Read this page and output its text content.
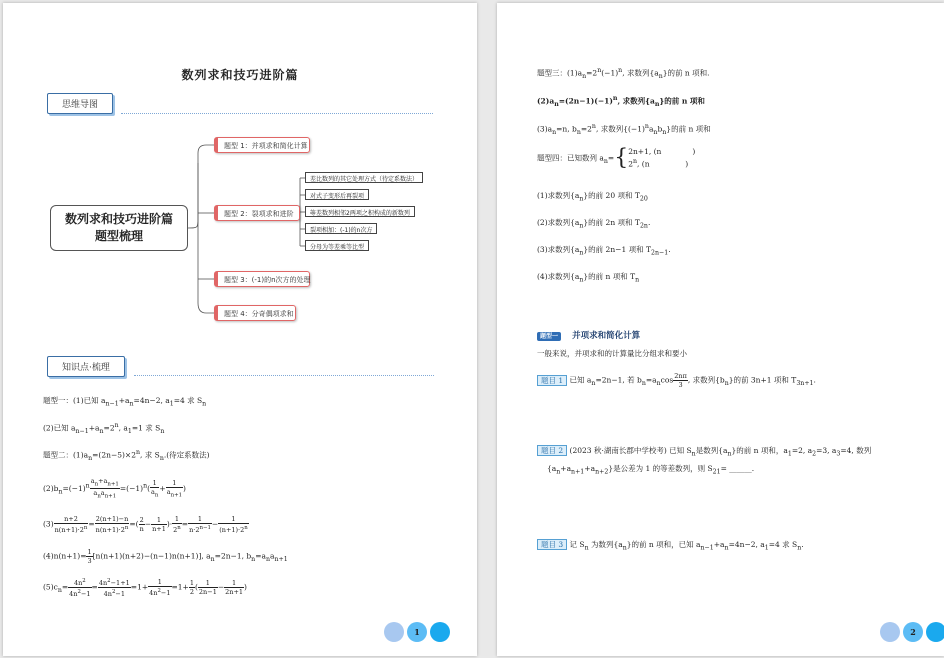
数列求和技巧进阶篇
思维导图
数列求和技巧进阶篇
题型梳理
题型 1：并项求和简化计算
题型 2：裂项求和进阶
题型 3：(-1)的n次方的处理
题型 4：分奇偶项求和
差比数列的其它处理方式（待定系数法）
对式子变形后再裂项
等差数列相邻2两项之积构成的新数列
裂项相加：(-1)的n次方
分母为等差乘等比型
知识点·梳理
题型一：(1)已知 $a_{n-1}+a_n=4n-2$, $a_1=4$ 求 $S_n$
(2)已知 $a_{n-1}+a_n=2^n$, $a_1=1$ 求 $S_n$
题型二：$(1)a_n=(2n-5)\times 2^n$, 求 $S_n$.(待定系数法)
$(2)b_n=(-1)^n \frac{a_n+a_{n+1}}{a_na_{n+1}} =(-1)^n( \frac{1}{a_n} + \frac{1}{a_{n+1}}$ )
$(3) \frac{n+2}{n(n+1)\cdot 2^n} = \frac{2(n+1)-n}{n(n+1)\cdot 2^n}$ =( $\frac{2}{n} - \frac{1}{n+1}$ )· $\frac{1}{2^n} = \frac{1}{n\cdot 2^{n-1}} - \frac{1}{(n+1)\cdot 2^n}$
$(4)n(n+1)= \frac{1}{3} [n(n+1)(n+2)-(n-1)n(n+1)]$, $a_n=2n-1$, $b_n=a_na_{n+1}$
$(5)c_n= \frac{4n^2}{4n^2-1} = \frac{4n^2-1+1}{4n^2-1} =1+ \frac{1}{4n^2-1} =1+ \frac{1}{2}$ ( $\frac{1}{2n-1} - \frac{1}{2n+1}$ )
1
题型三：$(1)a_n=2^n(-1)^n$, 求数列$\{a_n\}$的前 n 项和.
$(2)a_n=(2n-1)(-1)^n$, 求数列$\{a_n\}$的前 n 项和
$(3)a_n=n$, $b_n=2^n$, 求数列$\{(-1)^na_nb_n\}$的前 n 项和
题型四：已知数列 $a_n=\{2n+1$, (n             )
2$^n$, (n               )
(1)求数列$\{a_n\}$的前 20 项和 $T_{20}$
(2)求数列$\{a_n\}$的前 2n 项和 $T_{2n}$.
(3)求数列$\{a_n\}$的前 2n−1 项和 $T_{2n-1}$.
(4)求数列$\{a_n\}$的前 n 项和 $T_n$
题型一 并项求和简化计算
一般来说，并项求和的计算量比分组求和要小
题目 1 已知 $a_n=2n-1$, 若 $b_n=a_n\cos \frac{2n\pi}{3}$ , 求数列$\{b_n\}$的前 3n+1 项和 $T_{3n+1}$.
题目 2 (2023 秋·湖南长郡中学校考) 已知 $S_n$是数列$\{a_n\}$的前 n 项和，$a_1=2$, $a_2=3$, $a_3=4$, 数列
$\{a_n+a_{n+1}+a_{n+2}\}$是公差为 1 的等差数列，则 $S_{21}=$ ______.
题目 3 记 $S_n$ 为数列$\{a_n\}$的前 n 项和，已知 $a_{n-1}+a_n=4n-2$, $a_1=4$ 求 $S_n$.
2
